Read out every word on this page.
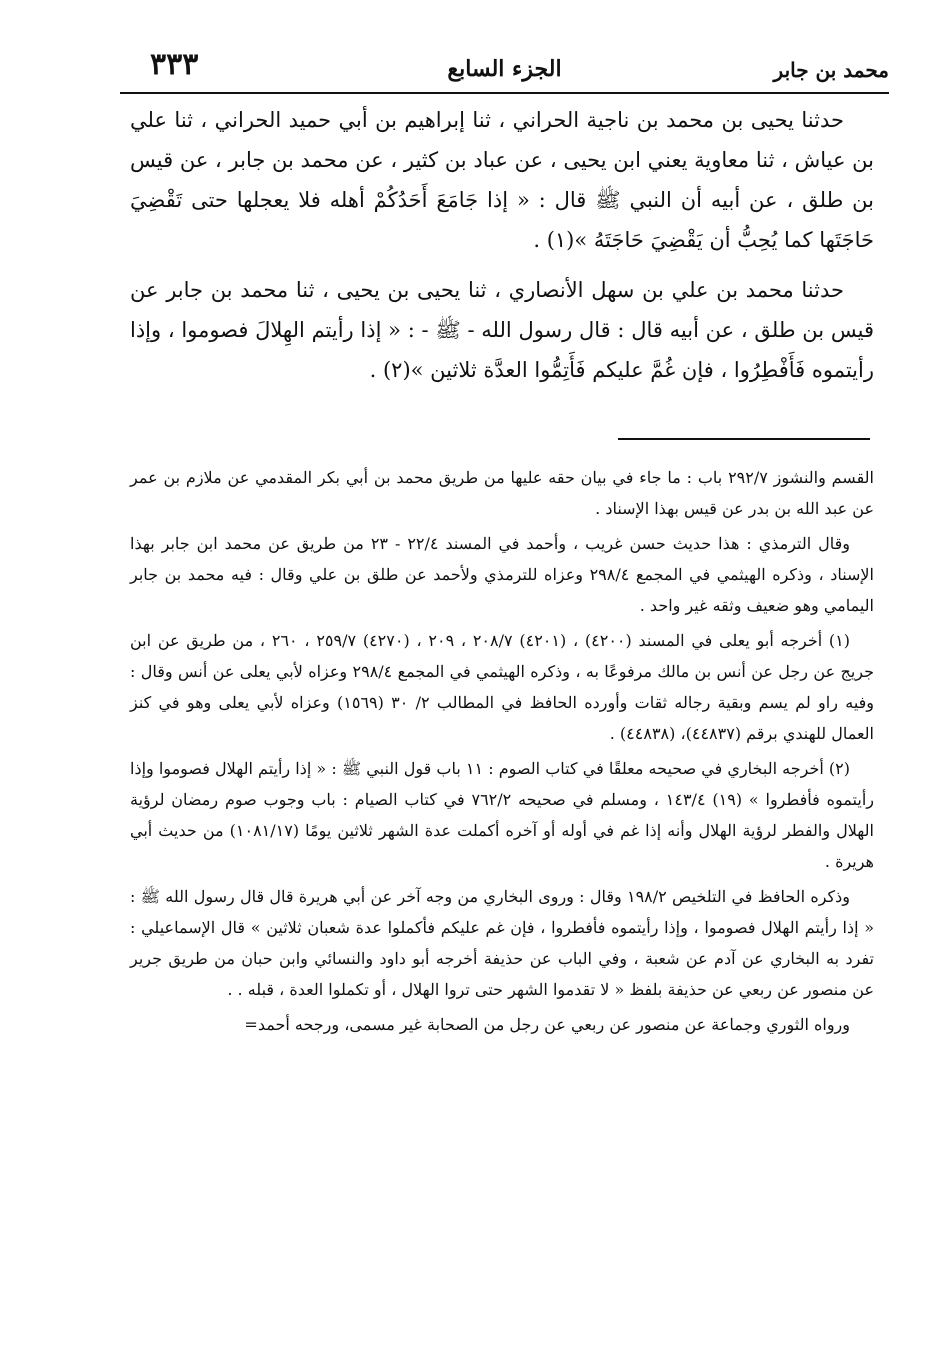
٣٣٣	الجزء السابع	محمد بن جابر

حدثنا يحيى بن محمد بن ناجية الحراني ، ثنا إبراهيم بن أبي حميد الحراني ، ثنا علي بن عياش ، ثنا معاوية يعني ابن يحيى ، عن عباد بن كثير ، عن محمد بن جابر ، عن قيس بن طلق ، عن أبيه أن النبي ﷺ قال : « إذا جَامَعَ أَحَدُكُمْ أهله فلا يعجلها حتى تَقْضِيَ حَاجَتَها كما يُحِبُّ أن يَقْضِيَ حَاجَتَهُ »(١) .

حدثنا محمد بن علي بن سهل الأنصاري ، ثنا يحيى بن يحيى ، ثنا محمد بن جابر عن قيس بن طلق ، عن أبيه قال : قال رسول الله - ﷺ - : « إذا رأيتم الهِلالَ فصوموا ، وإذا رأيتموه فَأَفْطِرُوا ، فإن غُمَّ عليكم فَأَتِمُّوا العدَّة ثلاثين »(٢) .

القسم والنشوز ٢٩٢/٧ باب : ما جاء في بيان حقه عليها من طريق محمد بن أبي بكر المقدمي عن ملازم بن عمر عن عبد الله بن بدر عن قيس بهذا الإسناد .

وقال الترمذي : هذا حديث حسن غريب ، وأحمد في المسند ٢٢/٤ - ٢٣ من طريق عن محمد ابن جابر بهذا الإسناد ، وذكره الهيثمي في المجمع ٢٩٨/٤ وعزاه للترمذي ولأحمد عن طلق بن علي وقال : فيه محمد بن جابر اليمامي وهو ضعيف وثقه غير واحد .

(١) أخرجه أبو يعلى في المسند (٤٢٠٠) ، (٤٢٠١) ٢٠٨/٧ ، ٢٠٩ ، (٤٢٧٠) ٢٥٩/٧ ، ٢٦٠ ، من طريق عن ابن جريج عن رجل عن أنس بن مالك مرفوعًا به ، وذكره الهيثمي في المجمع ٢٩٨/٤ وعزاه لأبي يعلى عن أنس وقال : وفيه راو لم يسم وبقية رجاله ثقات وأورده الحافظ في المطالب ٢/ ٣٠ (١٥٦٩) وعزاه لأبي يعلى وهو في كنز العمال للهندي برقم (٤٤٨٣٧)، (٤٤٨٣٨) .

(٢) أخرجه البخاري في صحيحه معلقًا في كتاب الصوم : ١١ باب قول النبي ﷺ : « إذا رأيتم الهلال فصوموا وإذا رأيتموه فأفطروا » (١٩) ١٤٣/٤ ، ومسلم في صحيحه ٧٦٢/٢ في كتاب الصيام : باب وجوب صوم رمضان لرؤية الهلال والفطر لرؤية الهلال وأنه إذا غم في أوله أو آخره أكملت عدة الشهر ثلاثين يومًا (١٠٨١/١٧) من حديث أبي هريرة .

وذكره الحافظ في التلخيص ١٩٨/٢ وقال : وروى البخاري من وجه آخر عن أبي هريرة قال قال رسول الله ﷺ : « إذا رأيتم الهلال فصوموا ، وإذا رأيتموه فأفطروا ، فإن غم عليكم فأكملوا عدة شعبان ثلاثين » قال الإسماعيلي : تفرد به البخاري عن آدم عن شعبة ، وفي الباب عن حذيفة أخرجه أبو داود والنسائي وابن حبان من طريق جرير عن منصور عن ربعي عن حذيفة بلفظ « لا تقدموا الشهر حتى تروا الهلال ، أو تكملوا العدة ، قبله . .

ورواه الثوري وجماعة عن منصور عن ربعي عن رجل من الصحابة غير مسمى، ورجحه أحمد=
